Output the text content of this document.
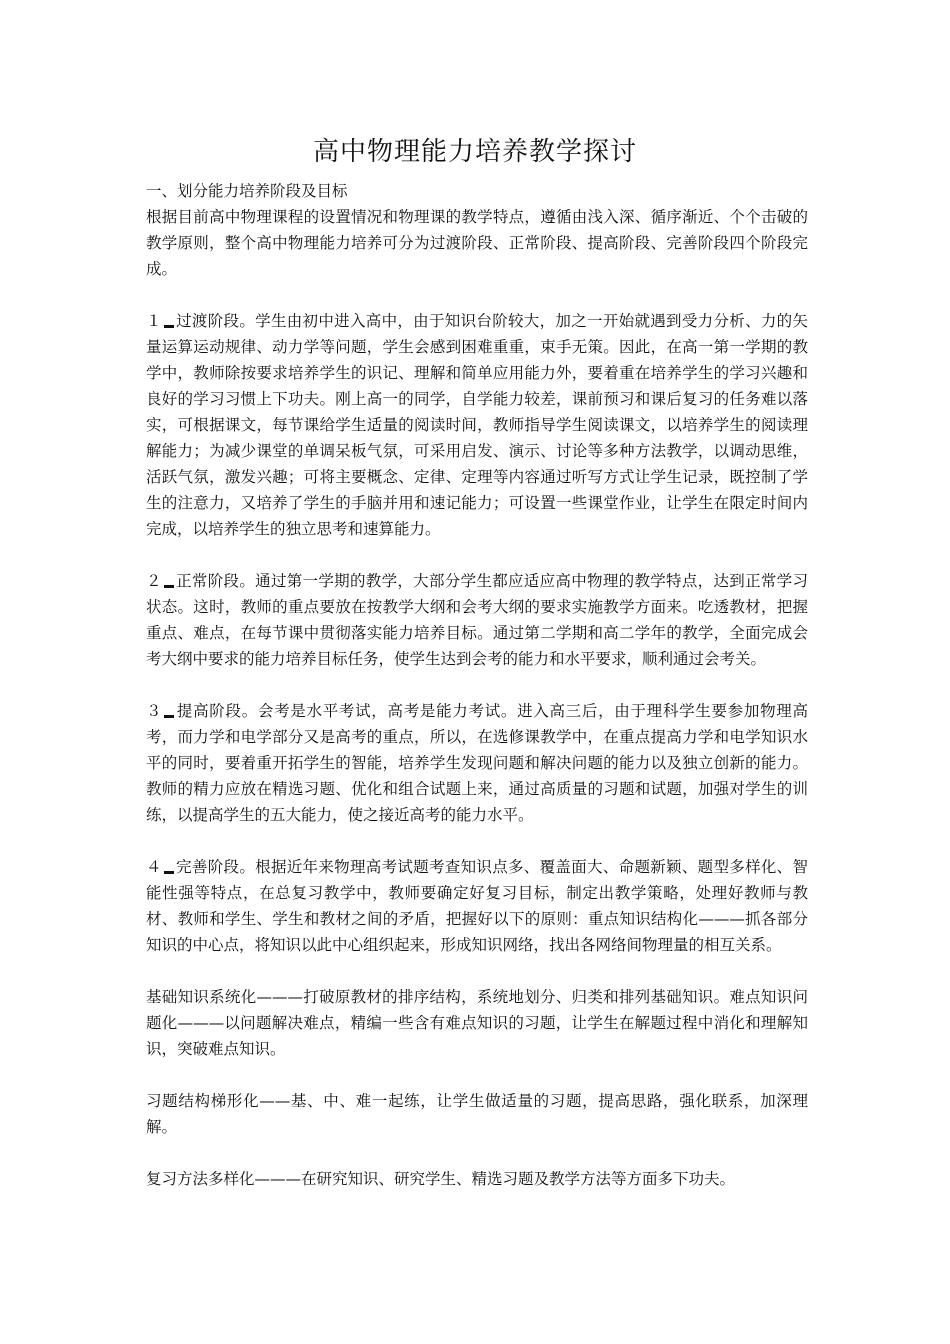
高中物理能力培养教学探讨

一、划分能力培养阶段及目标

根据目前高中物理课程的设置情况和物理课的教学特点，遵循由浅入深、循序渐近、个个击破的教学原则，整个高中物理能力培养可分为过渡阶段、正常阶段、提高阶段、完善阶段四个阶段完成。

１ 过渡阶段。学生由初中进入高中，由于知识台阶较大，加之一开始就遇到受力分析、力的矢量运算运动规律、动力学等问题，学生会感到困难重重，束手无策。因此，在高一第一学期的教学中，教师除按要求培养学生的识记、理解和简单应用能力外，要着重在培养学生的学习兴趣和良好的学习习惯上下功夫。刚上高一的同学，自学能力较差，课前预习和课后复习的任务难以落实，可根据课文，每节课给学生适量的阅读时间，教师指导学生阅读课文，以培养学生的阅读理解能力；为减少课堂的单调呆板气氛，可采用启发、演示、讨论等多种方法教学，以调动思维，活跃气氛，激发兴趣；可将主要概念、定律、定理等内容通过听写方式让学生记录，既控制了学生的注意力，又培养了学生的手脑并用和速记能力；可设置一些课堂作业，让学生在限定时间内完成，以培养学生的独立思考和速算能力。

２ 正常阶段。通过第一学期的教学，大部分学生都应适应高中物理的教学特点，达到正常学习状态。这时，教师的重点要放在按教学大纲和会考大纲的要求实施教学方面来。吃透教材，把握重点、难点，在每节课中贯彻落实能力培养目标。通过第二学期和高二学年的教学，全面完成会考大纲中要求的能力培养目标任务，使学生达到会考的能力和水平要求，顺利通过会考关。

３ 提高阶段。会考是水平考试，高考是能力考试。进入高三后，由于理科学生要参加物理高考，而力学和电学部分又是高考的重点，所以，在选修课教学中，在重点提高力学和电学知识水平的同时，要着重开拓学生的智能，培养学生发现问题和解决问题的能力以及独立创新的能力。教师的精力应放在精选习题、优化和组合试题上来，通过高质量的习题和试题，加强对学生的训练，以提高学生的五大能力，使之接近高考的能力水平。

４ 完善阶段。根据近年来物理高考试题考查知识点多、覆盖面大、命题新颖、题型多样化、智能性强等特点，在总复习教学中，教师要确定好复习目标，制定出教学策略，处理好教师与教材、教师和学生、学生和教材之间的矛盾，把握好以下的原则：重点知识结构化———抓各部分知识的中心点，将知识以此中心组织起来，形成知识网络，找出各网络间物理量的相互关系。

基础知识系统化———打破原教材的排序结构，系统地划分、归类和排列基础知识。难点知识问题化———以问题解决难点，精编一些含有难点知识的习题，让学生在解题过程中消化和理解知识，突破难点知识。

习题结构梯形化——基、中、难一起练，让学生做适量的习题，提高思路，强化联系，加深理解。

复习方法多样化———在研究知识、研究学生、精选习题及教学方法等方面多下功夫。
